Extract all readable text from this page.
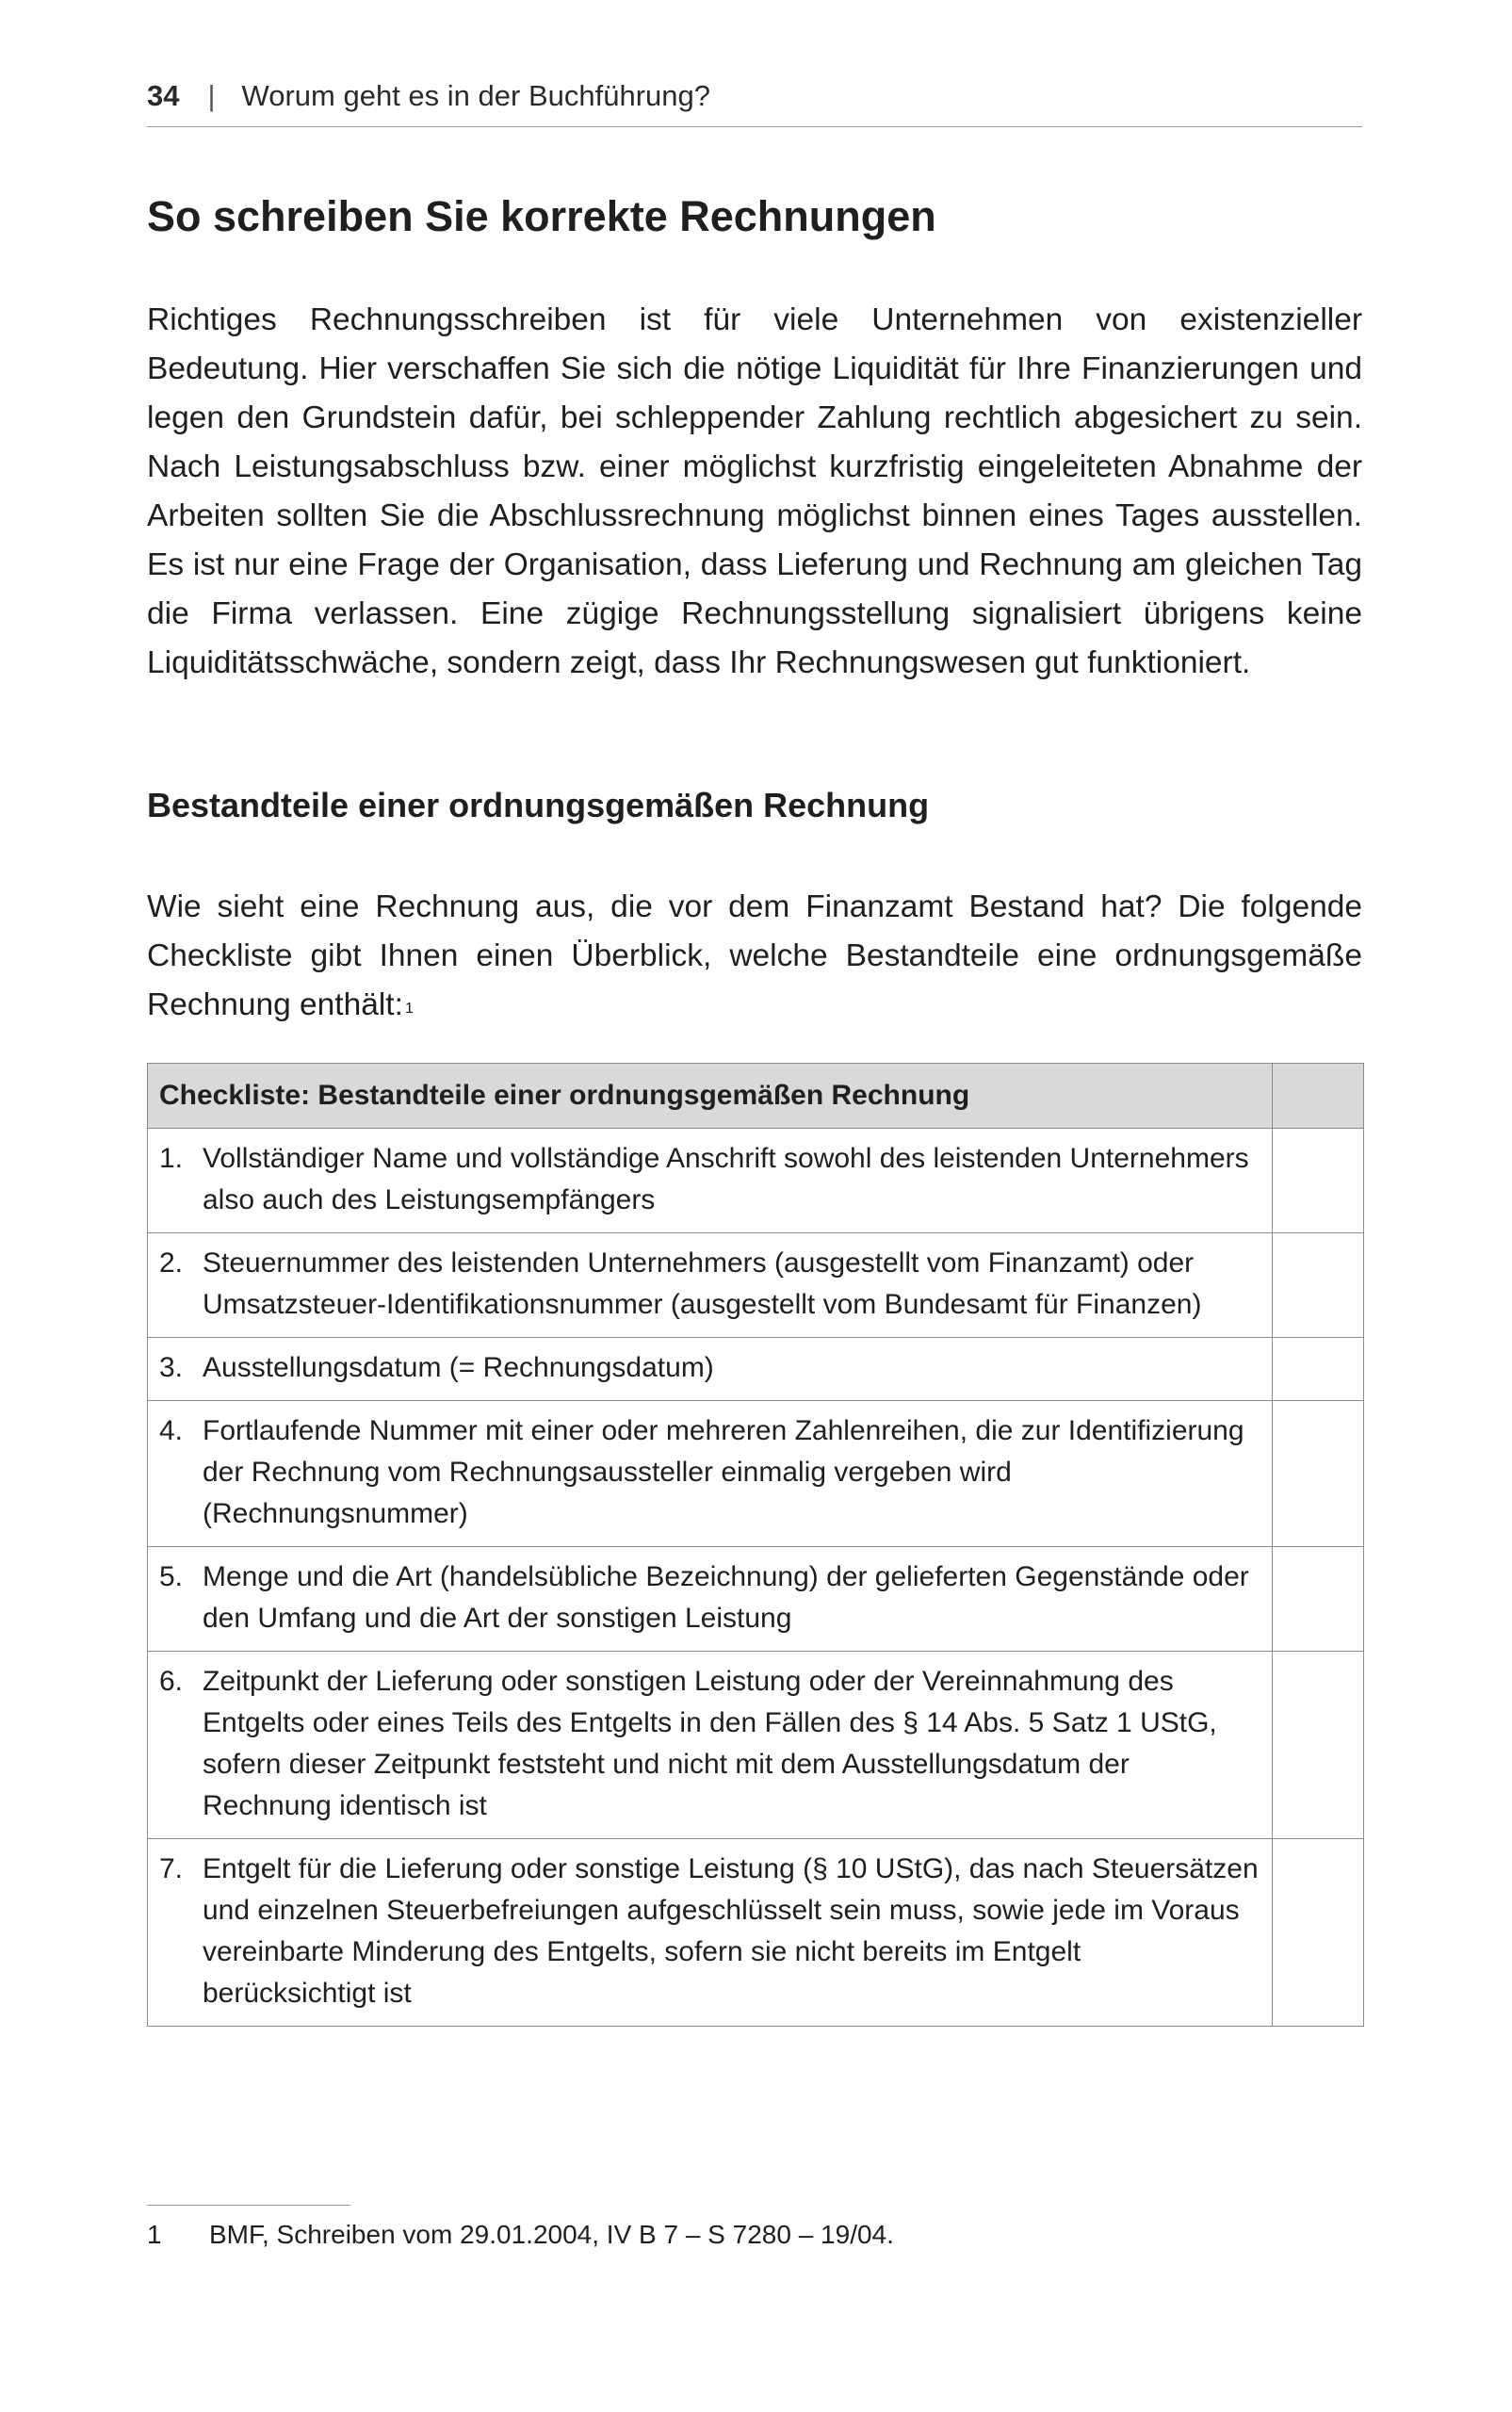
34 | Worum geht es in der Buchführung?
So schreiben Sie korrekte Rechnungen

Richtiges Rechnungsschreiben ist für viele Unternehmen von existenzieller Bedeutung. Hier verschaffen Sie sich die nötige Liquidität für Ihre Finanzierungen und legen den Grundstein dafür, bei schleppender Zahlung rechtlich abgesichert zu sein. Nach Leistungsabschluss bzw. einer möglichst kurzfristig eingeleiteten Abnahme der Arbeiten sollten Sie die Abschlussrechnung möglichst binnen eines Tages ausstellen. Es ist nur eine Frage der Organisation, dass Lieferung und Rechnung am gleichen Tag die Firma verlassen. Eine zügige Rechnungsstellung signalisiert übrigens keine Liquiditätsschwäche, sondern zeigt, dass Ihr Rechnungswesen gut funktioniert.

Bestandteile einer ordnungsgemäßen Rechnung

Wie sieht eine Rechnung aus, die vor dem Finanzamt Bestand hat? Die folgende Checkliste gibt Ihnen einen Überblick, welche Bestandteile eine ordnungsgemäße Rechnung enthält: $^1$

Checkliste: Bestandteile einer ordnungsgemäßen Rechnung	

1. Vollständiger Name und vollständige Anschrift sowohl des leistenden Unternehmers also auch des Leistungsempfängers	

2. Steuernummer des leistenden Unternehmers (ausgestellt vom Finanzamt) oder Umsatzsteuer-Identifikationsnummer (ausgestellt vom Bundesamt für Finanzen)	

3. Ausstellungsdatum (= Rechnungsdatum)	

4. Fortlaufende Nummer mit einer oder mehreren Zahlenreihen, die zur Identifizierung der Rechnung vom Rechnungsaussteller einmalig vergeben wird (Rechnungsnummer)	

5. Menge und die Art (handelsübliche Bezeichnung) der gelieferten Gegenstände oder den Umfang und die Art der sonstigen Leistung	

6. Zeitpunkt der Lieferung oder sonstigen Leistung oder der Vereinnahmung des Entgelts oder eines Teils des Entgelts in den Fällen des § 14 Abs. 5 Satz 1 UStG, sofern dieser Zeitpunkt feststeht und nicht mit dem Ausstellungsdatum der Rechnung identisch ist	

7. Entgelt für die Lieferung oder sonstige Leistung (§ 10 UStG), das nach Steuersätzen und einzelnen Steuerbefreiungen aufgeschlüsselt sein muss, sowie jede im Voraus vereinbarte Minderung des Entgelts, sofern sie nicht bereits im Entgelt berücksichtigt ist	

1	BMF, Schreiben vom 29.01.2004, IV B 7 – S 7280 – 19/04.
